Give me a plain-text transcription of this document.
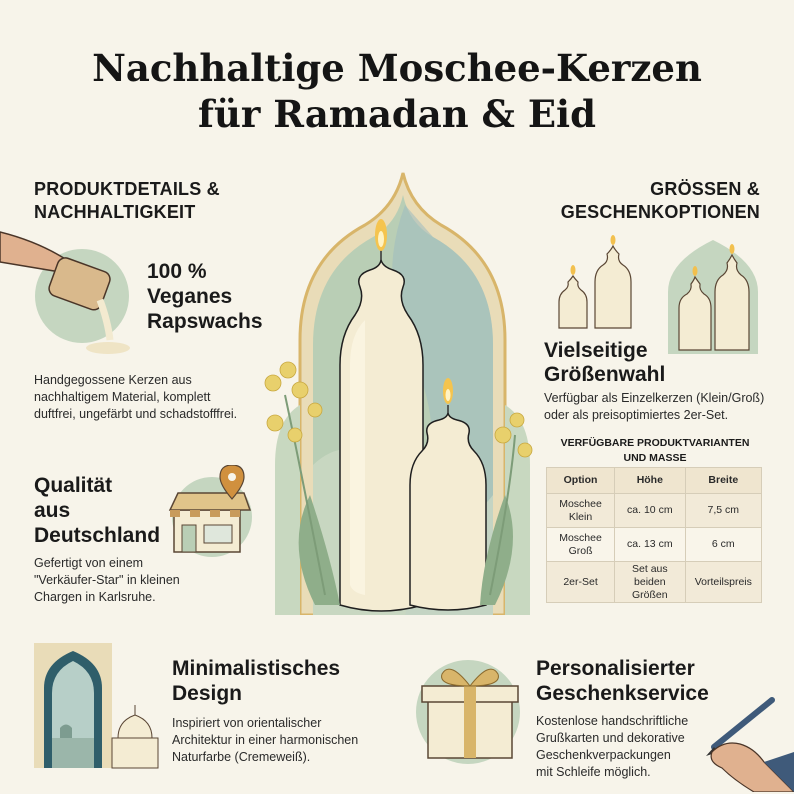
Nachhaltige Moschee-Kerzen
für Ramadan & Eid
PRODUKTDETAILS &
NACHHALTIGKEIT
100 %
Veganes
Rapswachs
Handgegossene Kerzen aus
nachhaltigem Material, komplett
duftfrei, ungefärbt und schadstofffrei.
Qualität
aus
Deutschland
Gefertigt von einem
"Verkäufer-Star" in kleinen
Chargen in Karlsruhe.
GRÖSSEN &
GESCHENKOPTIONEN
Vielseitige
Größenwahl
Verfügbar als Einzelkerzen (Klein/Groß)
oder als preisoptimiertes 2er-Set.
VERFÜGBARE PRODUKTVARIANTEN
UND MASSE
Option	Höhe	Breite
Moschee
Klein	ca. 10 cm	7,5 cm
Moschee
Groß	ca. 13 cm	6 cm
2er-Set	Set aus
beiden Größen	Vorteilspreis
Minimalistisches
Design
Inspiriert von orientalischer
Architektur in einer harmonischen
Naturfarbe (Cremeweiß).
Personalisierter
Geschenkservice
Kostenlose handschriftliche
Grußkarten und dekorative
Geschenkverpackungen
mit Schleife möglich.
